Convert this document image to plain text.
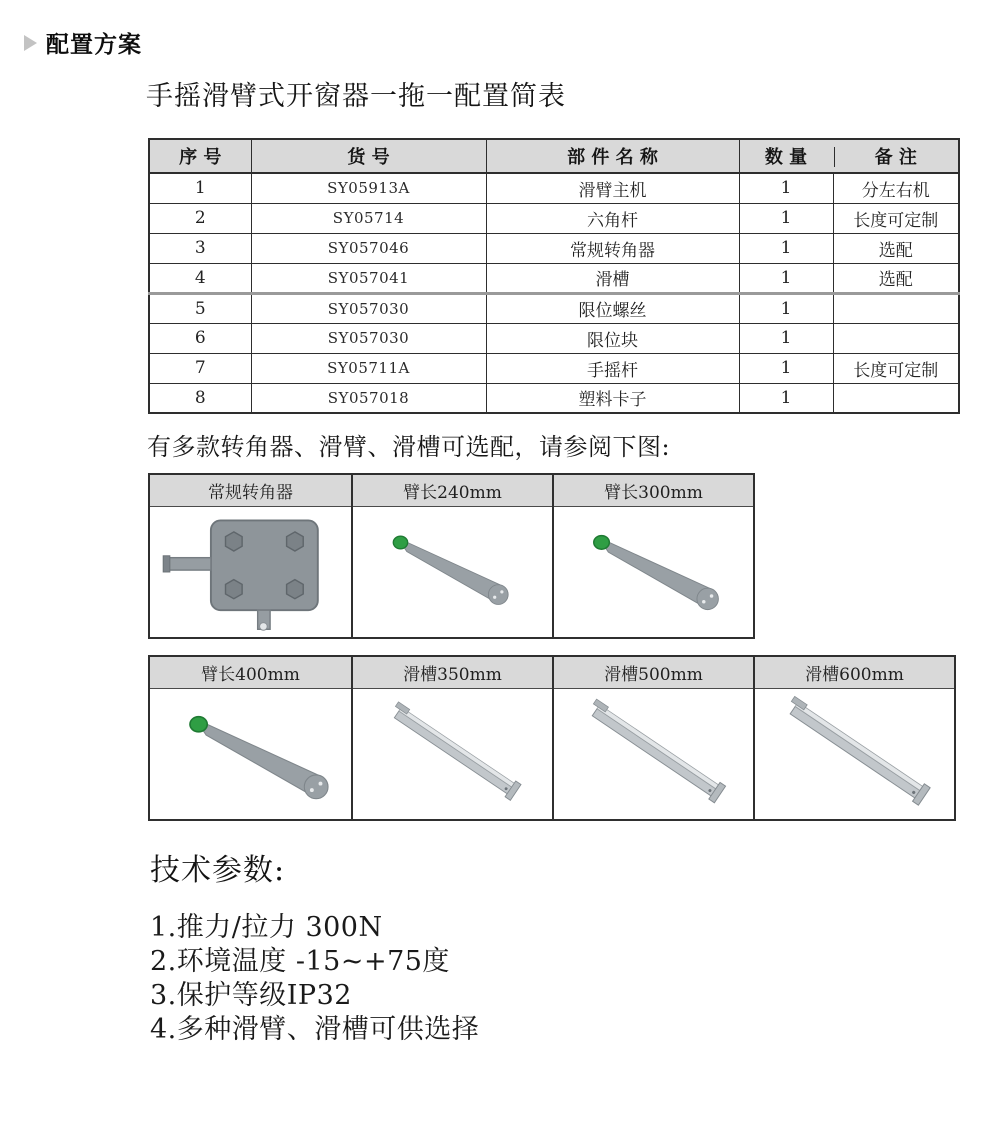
配置方案
手摇滑臂式开窗器一拖一配置简表
序 号	货 号	部 件 名 称	数 量	备 注
1	SY05913A	滑臂主机	1	分左右机
2	SY05714	六角杆	1	长度可定制
3	SY057046	常规转角器	1	选配
4	SY057041	滑槽	1	选配
5	SY057030	限位螺丝	1	
6	SY057030	限位块	1	
7	SY05711A	手摇杆	1	长度可定制
8	SY057018	塑料卡子	1	
有多款转角器、滑臂、滑槽可选配，请参阅下图:
常规转角器	臂长240mm	臂长300mm
臂长400mm	滑槽350mm	滑槽500mm	滑槽600mm
技术参数:
1.推力/拉力 300N
2.环境温度 -15~+75度
3.保护等级IP32
4.多种滑臂、滑槽可供选择
